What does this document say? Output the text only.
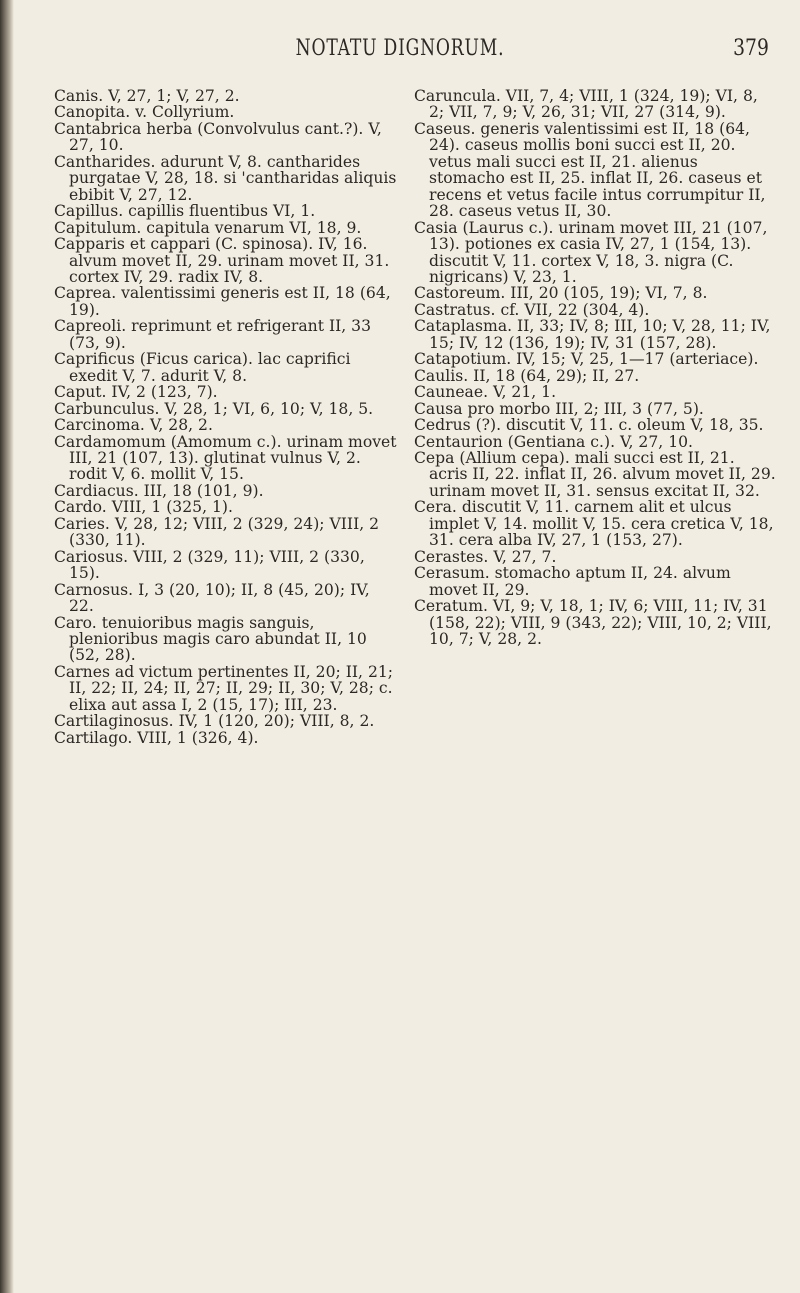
NOTATU DIGNORUM.	379
Canis. V, 27, 1; V, 27, 2.
Canopita. v. Collyrium.
Cantabrica herba (Convolvulus cant.?). V, 27, 10.
Cantharides. adurunt V, 8. cantharides purgatae V, 28, 18. si 'cantharidas aliquis ebibit V, 27, 12.
Capillus. capillis fluentibus VI, 1.
Capitulum. capitula venarum VI, 18, 9.
Capparis et cappari (C. spinosa). IV, 16. alvum movet II, 29. urinam movet II, 31. cortex IV, 29. radix IV, 8.
Caprea. valentissimi generis est II, 18 (64, 19).
Capreoli. reprimunt et refrigerant II, 33 (73, 9).
Caprificus (Ficus carica). lac caprifici exedit V, 7. adurit V, 8.
Caput. IV, 2 (123, 7).
Carbunculus. V, 28, 1; VI, 6, 10; V, 18, 5.
Carcinoma. V, 28, 2.
Cardamomum (Amomum c.). urinam movet III, 21 (107, 13). glutinat vulnus V, 2. rodit V, 6. mollit V, 15.
Cardiacus. III, 18 (101, 9).
Cardo. VIII, 1 (325, 1).
Caries. V, 28, 12; VIII, 2 (329, 24); VIII, 2 (330, 11).
Cariosus. VIII, 2 (329, 11); VIII, 2 (330, 15).
Carnosus. I, 3 (20, 10); II, 8 (45, 20); IV, 22.
Caro. tenuioribus magis sanguis, plenioribus magis caro abundat II, 10 (52, 28).
Carnes ad victum pertinentes II, 20; II, 21; II, 22; II, 24; II, 27; II, 29; II, 30; V, 28; c. elixa aut assa I, 2 (15, 17); III, 23.
Cartilaginosus. IV, 1 (120, 20); VIII, 8, 2.
Cartilago. VIII, 1 (326, 4).
Caruncula. VII, 7, 4; VIII, 1 (324, 19); VI, 8, 2; VII, 7, 9; V, 26, 31; VII, 27 (314, 9).
Caseus. generis valentissimi est II, 18 (64, 24). caseus mollis boni succi est II, 20. vetus mali succi est II, 21. alienus stomacho est II, 25. inflat II, 26. caseus et recens et vetus facile intus corrumpitur II, 28. caseus vetus II, 30.
Casia (Laurus c.). urinam movet III, 21 (107, 13). potiones ex casia IV, 27, 1 (154, 13). discutit V, 11. cortex V, 18, 3. nigra (C. nigricans) V, 23, 1.
Castoreum. III, 20 (105, 19); VI, 7, 8.
Castratus. cf. VII, 22 (304, 4).
Cataplasma. II, 33; IV, 8; III, 10; V, 28, 11; IV, 15; IV, 12 (136, 19); IV, 31 (157, 28).
Catapotium. IV, 15; V, 25, 1—17 (arteriace).
Caulis. II, 18 (64, 29); II, 27.
Cauneae. V, 21, 1.
Causa pro morbo III, 2; III, 3 (77, 5).
Cedrus (?). discutit V, 11. c. oleum V, 18, 35.
Centaurion (Gentiana c.). V, 27, 10.
Cepa (Allium cepa). mali succi est II, 21. acris II, 22. inflat II, 26. alvum movet II, 29. urinam movet II, 31. sensus excitat II, 32.
Cera. discutit V, 11. carnem alit et ulcus implet V, 14. mollit V, 15. cera cretica V, 18, 31. cera alba IV, 27, 1 (153, 27).
Cerastes. V, 27, 7.
Cerasum. stomacho aptum II, 24. alvum movet II, 29.
Ceratum. VI, 9; V, 18, 1; IV, 6; VIII, 11; IV, 31 (158, 22); VIII, 9 (343, 22); VIII, 10, 2; VIII, 10, 7; V, 28, 2.
